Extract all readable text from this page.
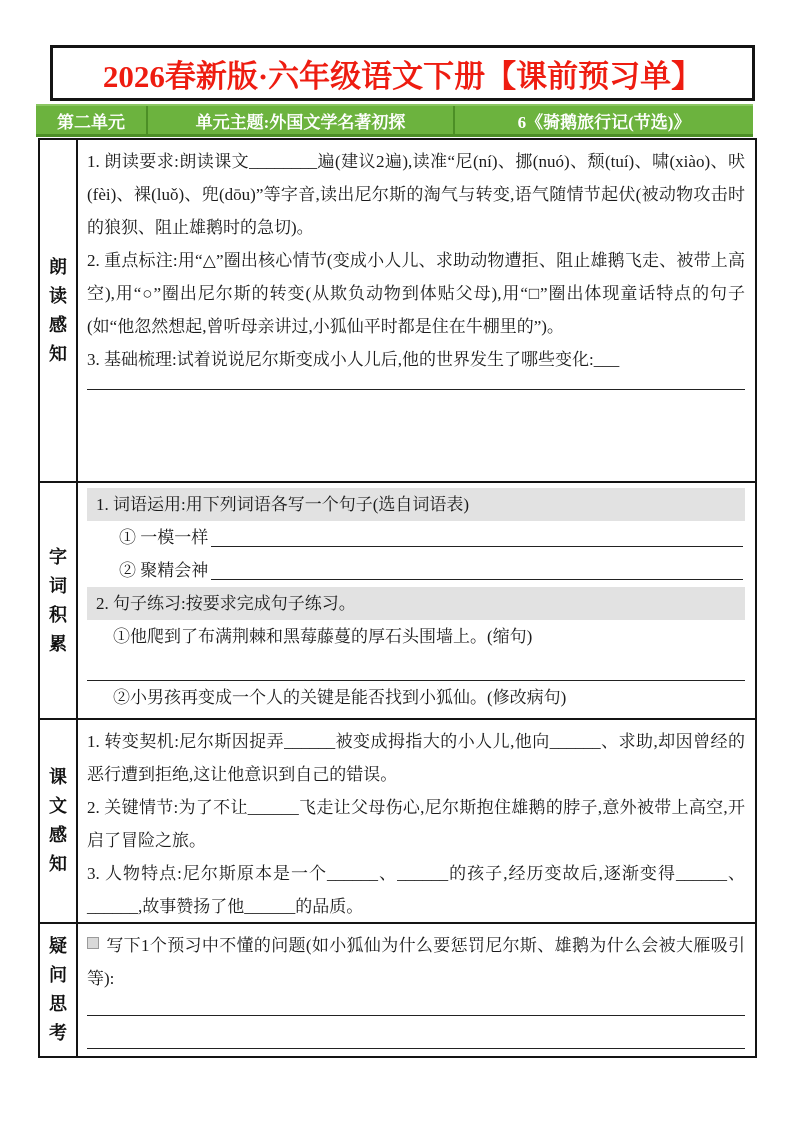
2026春新版·六年级语文下册【课前预习单】
第二单元	单元主题:外国文学名著初探	6《骑鹅旅行记(节选)》
朗读感知

1. 朗读要求:朗读课文________遍(建议2遍),读准“尼(ní)、挪(nuó)、颓(tuí)、啸(xiào)、吠(fèi)、裸(luǒ)、兜(dōu)”等字音,读出尼尔斯的淘气与转变,语气随情节起伏(被动物攻击时的狼狈、阻止雄鹅时的急切)。

2. 重点标注:用“△”圈出核心情节(变成小人儿、求助动物遭拒、阻止雄鹅飞走、被带上高空),用“○”圈出尼尔斯的转变(从欺负动物到体贴父母),用“□”圈出体现童话特点的句子(如“他忽然想起,曾听母亲讲过,小狐仙平时都是住在牛棚里的”)。

3. 基础梳理:试着说说尼尔斯变成小人儿后,他的世界发生了哪些变化:___

字词积累

1. 词语运用:用下列词语各写一个句子(选自词语表)

① 一模一样
② 聚精会神

2. 句子练习:按要求完成句子练习。

①他爬到了布满荆棘和黑莓藤蔓的厚石头围墙上。(缩句)

②小男孩再变成一个人的关键是能否找到小狐仙。(修改病句)

课文感知

1. 转变契机:尼尔斯因捉弄______被变成拇指大的小人儿,他向______、求助,却因曾经的恶行遭到拒绝,这让他意识到自己的错误。

2. 关键情节:为了不让______飞走让父母伤心,尼尔斯抱住雄鹅的脖子,意外被带上高空,开启了冒险之旅。

3. 人物特点:尼尔斯原本是一个______、______的孩子,经历变故后,逐渐变得______、______,故事赞扬了他______的品质。

疑问思考

写下1个预习中不懂的问题(如小狐仙为什么要惩罚尼尔斯、雄鹅为什么会被大雁吸引等):
